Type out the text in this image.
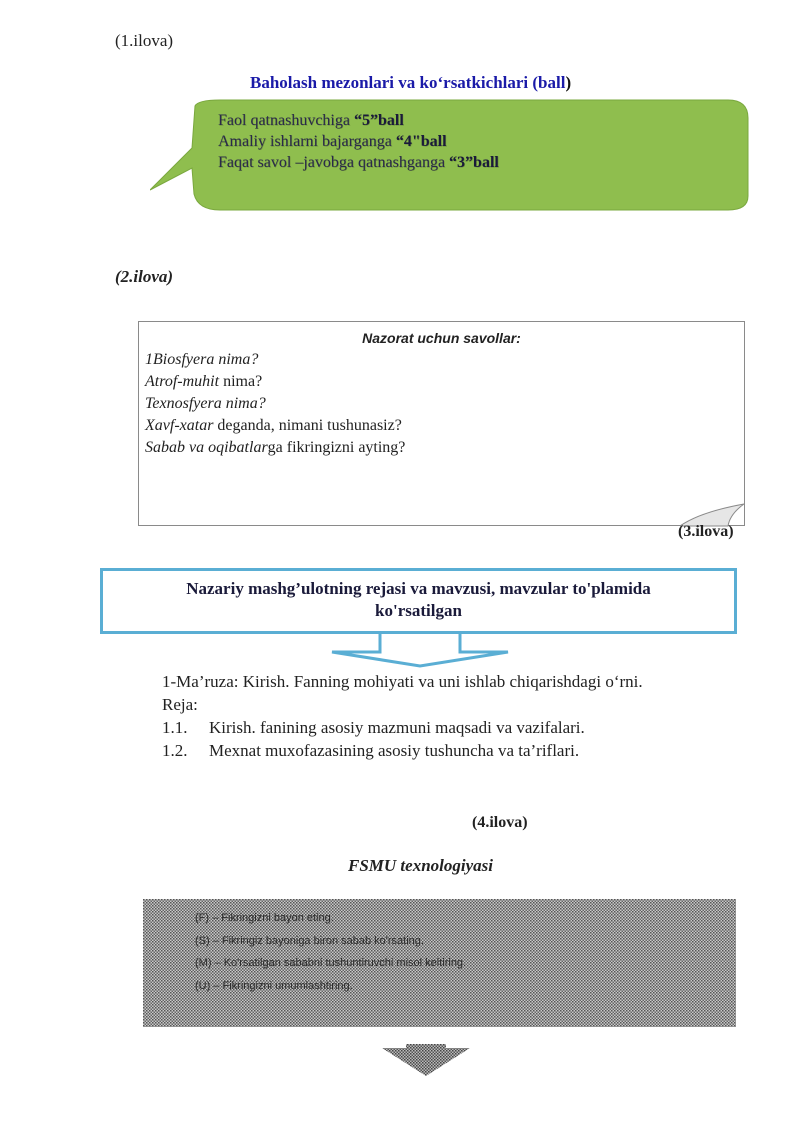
(1.ilova)
Baholash mezonlari va ko‘rsatkichlari (ball)
Faol qatnashuvchiga “5”ball
Amaliy ishlarni bajarganga “4"ball
Faqat savol –javobga qatnashganga “3”ball
(2.ilova)
Nazorat uchun savollar:
1Biosfyera nima?
Atrof-muhit nima?
Texnosfyera nima?
Xavf-xatar deganda, nimani tushunasiz?
Sabab va oqibatlarga fikringizni ayting?
(3.ilova)
Nazariy mashg’ulotning rejasi va mavzusi, mavzular to'plamida
ko'rsatilgan
1-Ma’ruza: Kirish. Fanning mohiyati va uni ishlab chiqarishdagi o‘rni.
Reja:
1.1. Kirish. fanining asosiy mazmuni maqsadi va vazifalari.
1.2. Mexnat muxofazasining asosiy tushuncha va ta’riflari.
(4.ilova)
FSMU texnologiyasi
(F) – Fikringizni bayon eting.
(S) – Fikringiz bayoniga biron sabab ko'rsating.
(M) – Ko'rsatilgan sababni tushuntiruvchi misol keltiring.
(U) – Fikringizni umumlashtiring.
